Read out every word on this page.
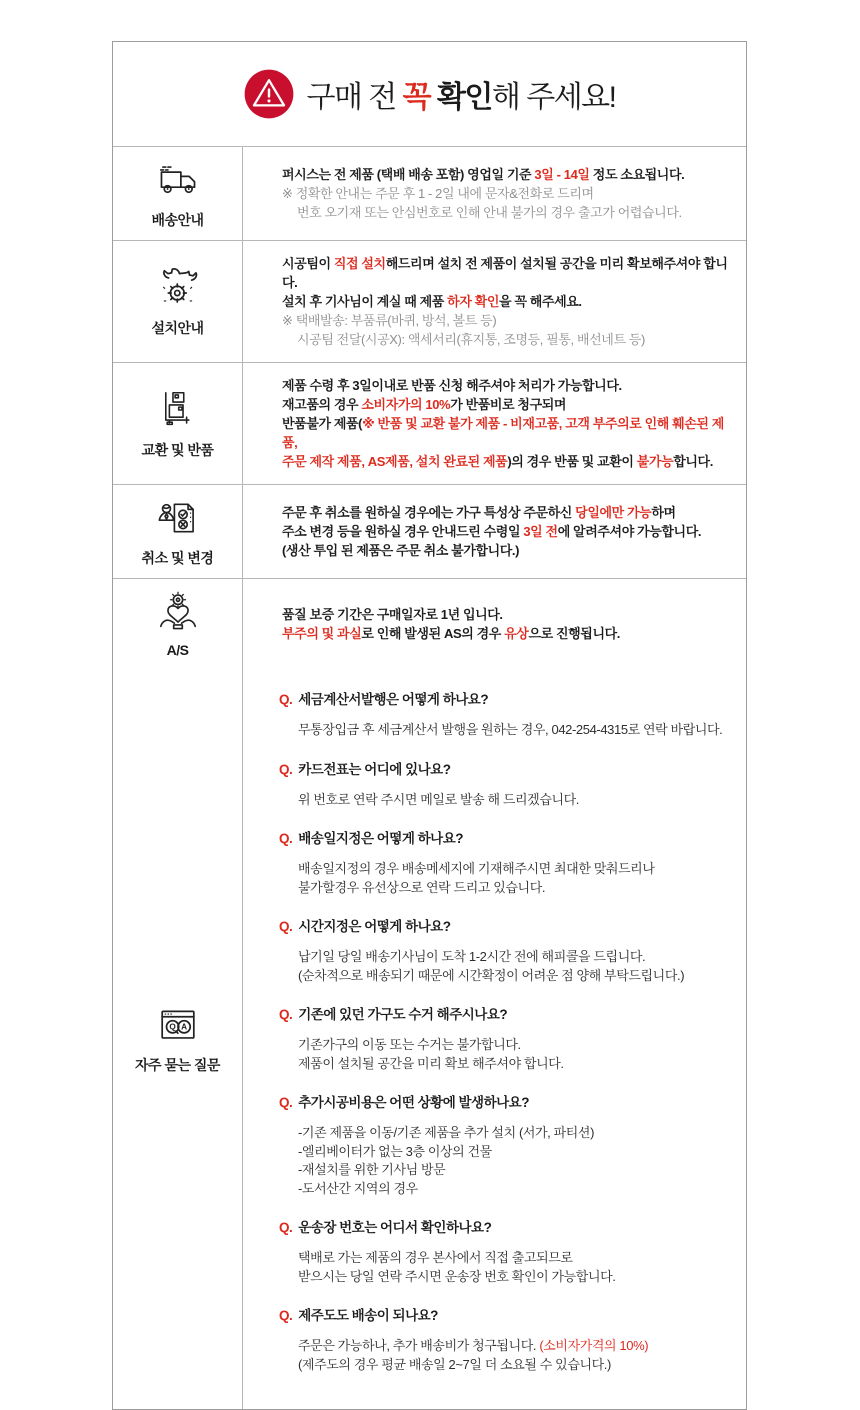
구매 전 꼭 확인해 주세요!
배송안내
퍼시스는 전 제품 (택배 배송 포함) 영업일 기준 3일 - 14일 정도 소요됩니다.
※ 정확한 안내는 주문 후 1 - 2일 내에 문자&전화로 드리며
번호 오기재 또는 안심번호로 인해 안내 불가의 경우 출고가 어렵습니다.
설치안내
시공팀이 직접 설치해드리며 설치 전 제품이 설치될 공간을 미리 확보해주셔야 합니다.
설치 후 기사님이 계실 때 제품 하자 확인을 꼭 해주세요.
※ 택배발송: 부품류(바퀴, 방석, 볼트 등)
시공팀 전달(시공X): 액세서리(휴지통, 조명등, 필통, 배선네트 등)
교환 및 반품
제품 수령 후 3일이내로 반품 신청 해주셔야 처리가 가능합니다.
재고품의 경우 소비자가의 10%가 반품비로 청구되며
반품불가 제품(※ 반품 및 교환 불가 제품 - 비재고품, 고객 부주의로 인해 훼손된 제품,
주문 제작 제품, AS제품, 설치 완료된 제품)의 경우 반품 및 교환이 불가능합니다.
취소 및 변경
주문 후 취소를 원하실 경우에는 가구 특성상 주문하신 당일에만 가능하며
주소 변경 등을 원하실 경우 안내드린 수령일 3일 전에 알려주셔야 가능합니다.
(생산 투입 된 제품은 주문 취소 불가합니다.)
A/S
품질 보증 기간은 구매일자로 1년 입니다.
부주의 및 과실로 인해 발생된 AS의 경우 유상으로 진행됩니다.
Q A
자주 묻는 질문
Q. 세금계산서발행은 어떻게 하나요?
무통장입금 후 세금계산서 발행을 원하는 경우, 042-254-4315로 연락 바랍니다.
Q. 카드전표는 어디에 있나요?
위 번호로 연락 주시면 메일로 발송 해 드리겠습니다.
Q. 배송일지정은 어떻게 하나요?
배송일지정의 경우 배송메세지에 기재해주시면 최대한 맞춰드리나
불가할경우 유선상으로 연락 드리고 있습니다.
Q. 시간지정은 어떻게 하나요?
납기일 당일 배송기사님이 도착 1-2시간 전에 해피콜을 드립니다.
(순차적으로 배송되기 때문에 시간확정이 어려운 점 양해 부탁드립니다.)
Q. 기존에 있던 가구도 수거 해주시나요?
기존가구의 이동 또는 수거는 불가합니다.
제품이 설치될 공간을 미리 확보 해주셔야 합니다.
Q. 추가시공비용은 어떤 상황에 발생하나요?
-기존 제품을 이동/기존 제품을 추가 설치 (서가, 파티션)
-엘리베이터가 없는 3층 이상의 건물
-재설치를 위한 기사님 방문
-도서산간 지역의 경우
Q. 운송장 번호는 어디서 확인하나요?
택배로 가는 제품의 경우 본사에서 직접 출고되므로
받으시는 당일 연락 주시면 운송장 번호 확인이 가능합니다.
Q. 제주도도 배송이 되나요?
주문은 가능하나, 추가 배송비가 청구됩니다. (소비자가격의 10%)
(제주도의 경우 평균 배송일 2~7일 더 소요될 수 있습니다.)
